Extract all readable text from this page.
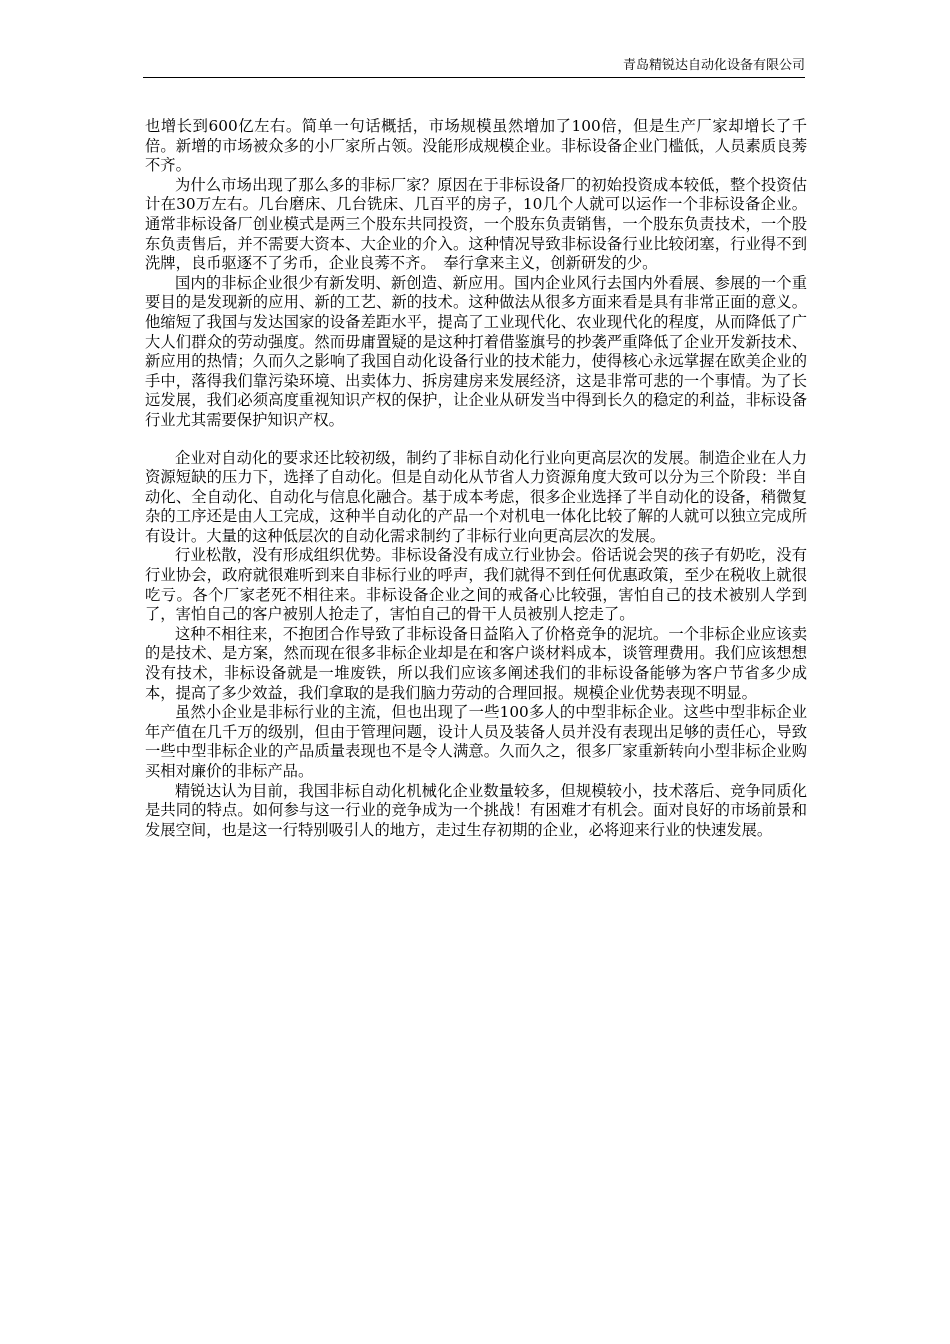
青岛精锐达自动化设备有限公司

也增长到600亿左右。简单一句话概括，市场规模虽然增加了100倍，但是生产厂家却增长了千倍。新增的市场被众多的小厂家所占领。没能形成规模企业。非标设备企业门槛低，人员素质良莠不齐。

为什么市场出现了那么多的非标厂家？原因在于非标设备厂的初始投资成本较低，整个投资估计在30万左右。几台磨床、几台铣床、几百平的房子，10几个人就可以运作一个非标设备企业。通常非标设备厂创业模式是两三个股东共同投资，一个股东负责销售，一个股东负责技术，一个股东负责售后，并不需要大资本、大企业的介入。这种情况导致非标设备行业比较闭塞，行业得不到洗牌，良币驱逐不了劣币，企业良莠不齐。　奉行拿来主义，创新研发的少。

国内的非标企业很少有新发明、新创造、新应用。国内企业风行去国内外看展、参展的一个重要目的是发现新的应用、新的工艺、新的技术。这种做法从很多方面来看是具有非常正面的意义。他缩短了我国与发达国家的设备差距水平，提高了工业现代化、农业现代化的程度，从而降低了广大人们群众的劳动强度。然而毋庸置疑的是这种打着借鉴旗号的抄袭严重降低了企业开发新技术、新应用的热情；久而久之影响了我国自动化设备行业的技术能力，使得核心永远掌握在欧美企业的手中，落得我们靠污染环境、出卖体力、拆房建房来发展经济，这是非常可悲的一个事情。为了长远发展，我们必须高度重视知识产权的保护，让企业从研发当中得到长久的稳定的利益，非标设备行业尤其需要保护知识产权。

企业对自动化的要求还比较初级，制约了非标自动化行业向更高层次的发展。制造企业在人力资源短缺的压力下，选择了自动化。但是自动化从节省人力资源角度大致可以分为三个阶段：半自动化、全自动化、自动化与信息化融合。基于成本考虑，很多企业选择了半自动化的设备，稍微复杂的工序还是由人工完成，这种半自动化的产品一个对机电一体化比较了解的人就可以独立完成所有设计。大量的这种低层次的自动化需求制约了非标行业向更高层次的发展。

行业松散，没有形成组织优势。非标设备没有成立行业协会。俗话说会哭的孩子有奶吃，没有行业协会，政府就很难听到来自非标行业的呼声，我们就得不到任何优惠政策，至少在税收上就很吃亏。各个厂家老死不相往来。非标设备企业之间的戒备心比较强，害怕自己的技术被别人学到了，害怕自己的客户被别人抢走了，害怕自己的骨干人员被别人挖走了。

这种不相往来，不抱团合作导致了非标设备日益陷入了价格竞争的泥坑。一个非标企业应该卖的是技术、是方案，然而现在很多非标企业却是在和客户谈材料成本，谈管理费用。我们应该想想没有技术，非标设备就是一堆废铁，所以我们应该多阐述我们的非标设备能够为客户节省多少成本，提高了多少效益，我们拿取的是我们脑力劳动的合理回报。规模企业优势表现不明显。

虽然小企业是非标行业的主流，但也出现了一些100多人的中型非标企业。这些中型非标企业年产值在几千万的级别，但由于管理问题，设计人员及装备人员并没有表现出足够的责任心，导致一些中型非标企业的产品质量表现也不是令人满意。久而久之，很多厂家重新转向小型非标企业购买相对廉价的非标产品。

精锐达认为目前，我国非标自动化机械化企业数量较多，但规模较小，技术落后、竞争同质化是共同的特点。如何参与这一行业的竞争成为一个挑战！有困难才有机会。面对良好的市场前景和发展空间，也是这一行特别吸引人的地方，走过生存初期的企业，必将迎来行业的快速发展。
